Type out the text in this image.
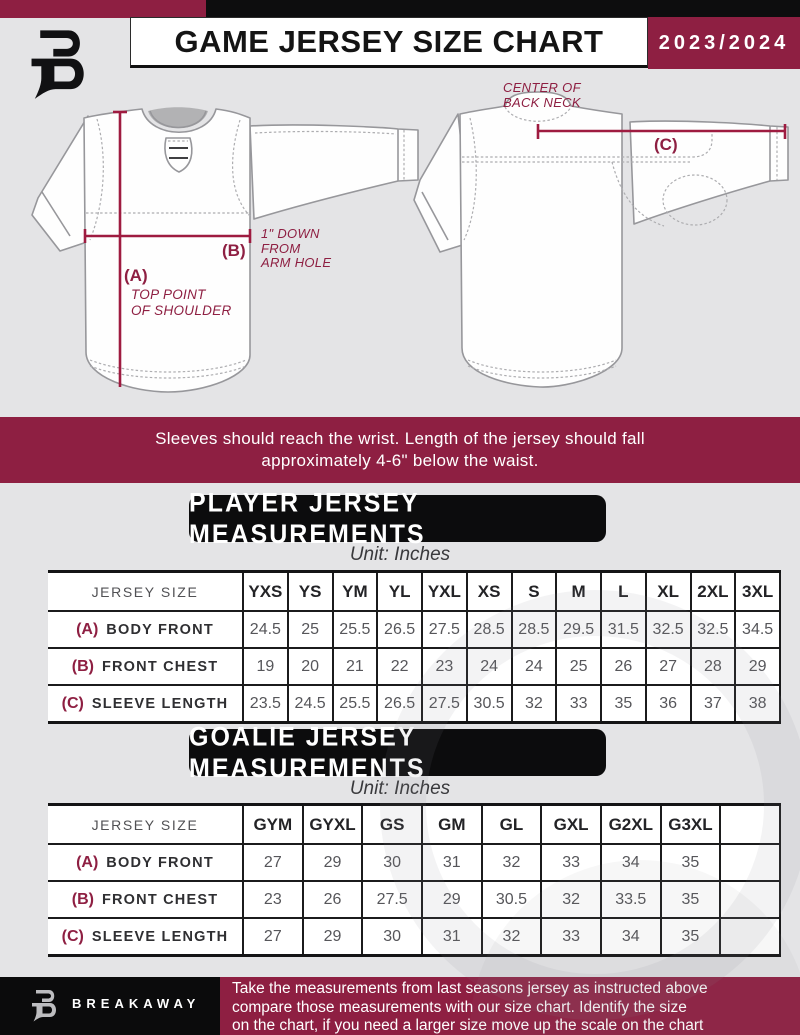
GAME JERSEY SIZE CHART	2023/2024
CENTER OF
BACK NECK
(C)
1" DOWN
FROM
ARM HOLE
(B)
(A)
TOP POINT
OF SHOULDER
Sleeves should reach the wrist. Length of the jersey should fall
approximately 4-6" below the waist.
PLAYER JERSEY MEASUREMENTS
Unit: Inches
JERSEY SIZE	YXS	YS	YM	YL	YXL	XS	S	M	L	XL	2XL	3XL
(A) BODY FRONT	24.5	25	25.5	26.5	27.5	28.5	28.5	29.5	31.5	32.5	32.5	34.5
(B) FRONT CHEST	19	20	21	22	23	24	24	25	26	27	28	29
(C) SLEEVE LENGTH	23.5	24.5	25.5	26.5	27.5	30.5	32	33	35	36	37	38
GOALIE JERSEY MEASUREMENTS
Unit: Inches
JERSEY SIZE	GYM	GYXL	GS	GM	GL	GXL	G2XL	G3XL	
(A) BODY FRONT	27	29	30	31	32	33	34	35	
(B) FRONT CHEST	23	26	27.5	29	30.5	32	33.5	35	
(C) SLEEVE LENGTH	27	29	30	31	32	33	34	35	
BREAKAWAY
Take the measurements from last seasons jersey as instructed above
compare those measurements with our size chart. Identify the size
on the chart, if you need a larger size move up the scale on the chart
